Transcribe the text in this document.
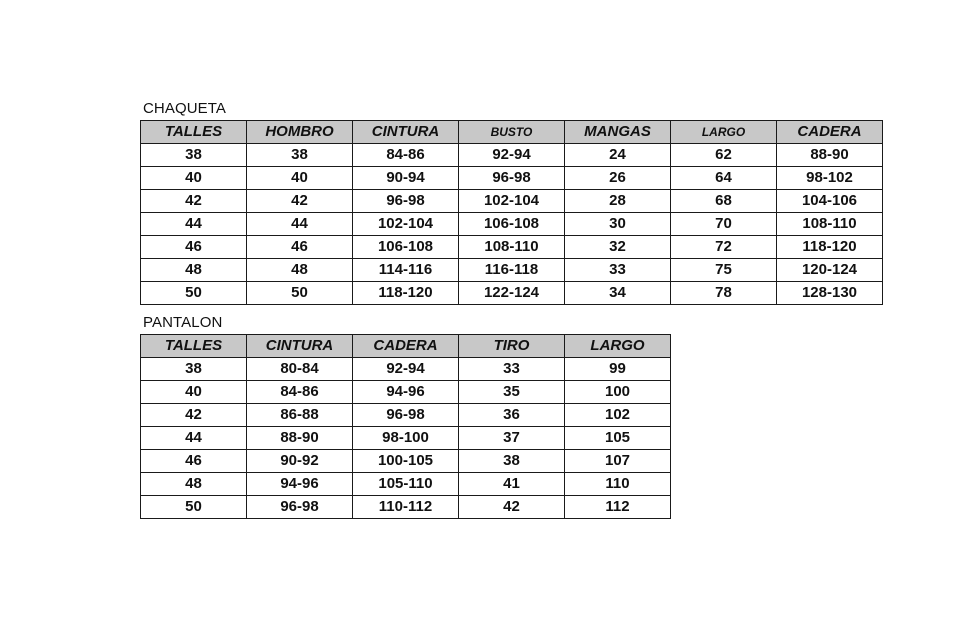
CHAQUETA
TALLES	HOMBRO	CINTURA	BUSTO	MANGAS	LARGO	CADERA
38	38	84-86	92-94	24	62	88-90
40	40	90-94	96-98	26	64	98-102
42	42	96-98	102-104	28	68	104-106
44	44	102-104	106-108	30	70	108-110
46	46	106-108	108-110	32	72	118-120
48	48	114-116	116-118	33	75	120-124
50	50	118-120	122-124	34	78	128-130
PANTALON
TALLES	CINTURA	CADERA	TIRO	LARGO
38	80-84	92-94	33	99
40	84-86	94-96	35	100
42	86-88	96-98	36	102
44	88-90	98-100	37	105
46	90-92	100-105	38	107
48	94-96	105-110	41	110
50	96-98	110-112	42	112
